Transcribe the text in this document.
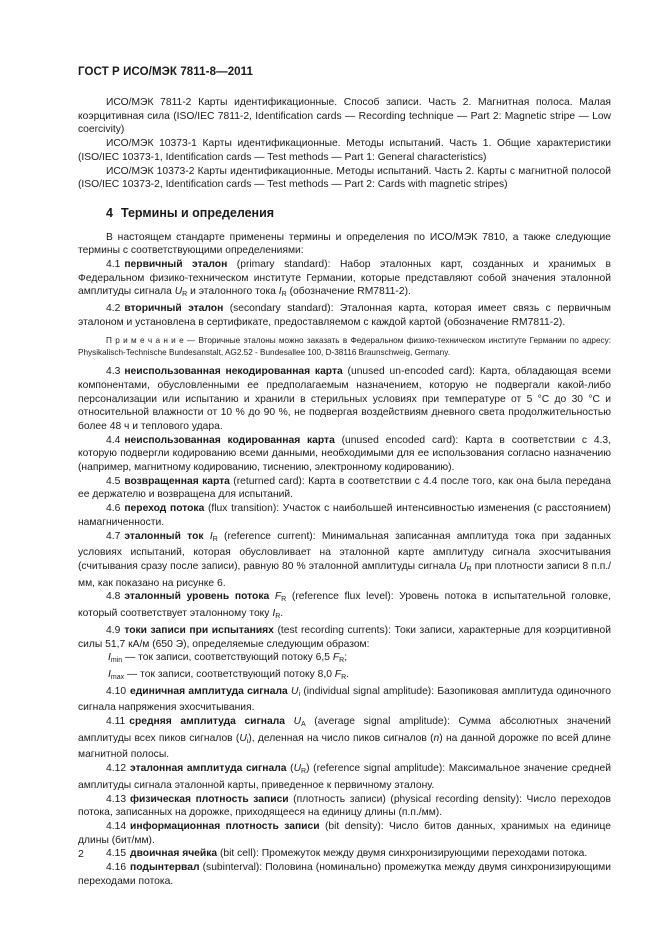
ГОСТ Р ИСО/МЭК 7811-8—2011

ИСО/МЭК 7811-2 Карты идентификационные. Способ записи. Часть 2. Магнитная полоса. Малая коэрцитивная сила (ISO/IEC 7811-2, Identification cards — Recording technique — Part 2: Magnetic stripe — Low coercivity)

ИСО/МЭК 10373-1 Карты идентификационные. Методы испытаний. Часть 1. Общие характеристики (ISO/IEC 10373-1, Identification cards — Test methods — Part 1: General characteristics)

ИСО/МЭК 10373-2 Карты идентификационные. Методы испытаний. Часть 2. Карты с магнитной полосой (ISO/IEC 10373-2, Identification cards — Test methods — Part 2: Cards with magnetic stripes)

4 Термины и определения

В настоящем стандарте применены термины и определения по ИСО/МЭК 7810, а также следующие термины с соответствующими определениями:

4.1 первичный эталон (primary standard): Набор эталонных карт, созданных и хранимых в Федеральном физико-техническом институте Германии, которые представляют собой значения эталонной амплитуды сигнала $U_R$ и эталонного тока $I_R$ (обозначение RM7811-2).

4.2 вторичный эталон (secondary standard): Эталонная карта, которая имеет связь с первичным эталоном и установлена в сертификате, предоставляемом с каждой картой (обозначение RM7811-2).

П р и м е ч а н и е — Вторичные эталоны можно заказать в Федеральном физико-техническом институте Германии по адресу: Physikalisch-Technische Bundesanstalt, AG2.52 - Bundesallee 100, D-38116 Braunschweig, Germany.

4.3 неиспользованная некодированная карта (unused un-encoded card): Карта, обладающая всеми компонентами, обусловленными ее предполагаемым назначением, которую не подвергали какой-либо персонализации или испытанию и хранили в стерильных условиях при температуре от 5 °С до 30 °С и относительной влажности от 10 % до 90 %, не подвергая воздействиям дневного света продолжительностью более 48 ч и теплового удара.

4.4 неиспользованная кодированная карта (unused encoded card): Карта в соответствии с 4.3, которую подвергли кодированию всеми данными, необходимыми для ее использования согласно назначению (например, магнитному кодированию, тиснению, электронному кодированию).

4.5 возвращенная карта (returned card): Карта в соответствии с 4.4 после того, как она была передана ее держателю и возвращена для испытаний.

4.6 переход потока (flux transition): Участок с наибольшей интенсивностью изменения (с расстоянием) намагниченности.

4.7 эталонный ток $I_R$ (reference current): Минимальная записанная амплитуда тока при заданных условиях испытаний, которая обусловливает на эталонной карте амплитуду сигнала эхосчитывания (считывания сразу после записи), равную 80 % эталонной амплитуды сигнала $U_R$ при плотности записи 8 п.п./мм, как показано на рисунке 6.

4.8 эталонный уровень потока $F_R$ (reference flux level): Уровень потока в испытательной головке, который соответствует эталонному току $I_R$.

4.9 токи записи при испытаниях (test recording currents): Токи записи, характерные для коэрцитивной силы 51,7 кА/м (650 Э), определяемые следующим образом:

$I_{min}$ — ток записи, соответствующий потоку 6,5 $F_R$;

$I_{max}$ — ток записи, соответствующий потоку 8,0 $F_R$.

4.10 единичная амплитуда сигнала $U_i$ (individual signal amplitude): Базопиковая амплитуда одиночного сигнала напряжения эхосчитывания.

4.11 средняя амплитуда сигнала $U_A$ (average signal amplitude): Сумма абсолютных значений амплитуды всех пиков сигналов $(U_i)$, деленная на число пиков сигналов (n) на данной дорожке по всей длине магнитной полосы.

4.12 эталонная амплитуда сигнала $(U_R)$ (reference signal amplitude): Максимальное значение средней амплитуды сигнала эталонной карты, приведенное к первичному эталону.

4.13 физическая плотность записи (плотность записи) (physical recording density): Число переходов потока, записанных на дорожке, приходящееся на единицу длины (п.п./мм).

4.14 информационная плотность записи (bit density): Число битов данных, хранимых на единице длины (бит/мм).

4.15 двоичная ячейка (bit cell): Промежуток между двумя синхронизирующими переходами потока.

4.16 подынтервал (subinterval): Половина (номинально) промежутка между двумя синхронизирующими переходами потока.

2
